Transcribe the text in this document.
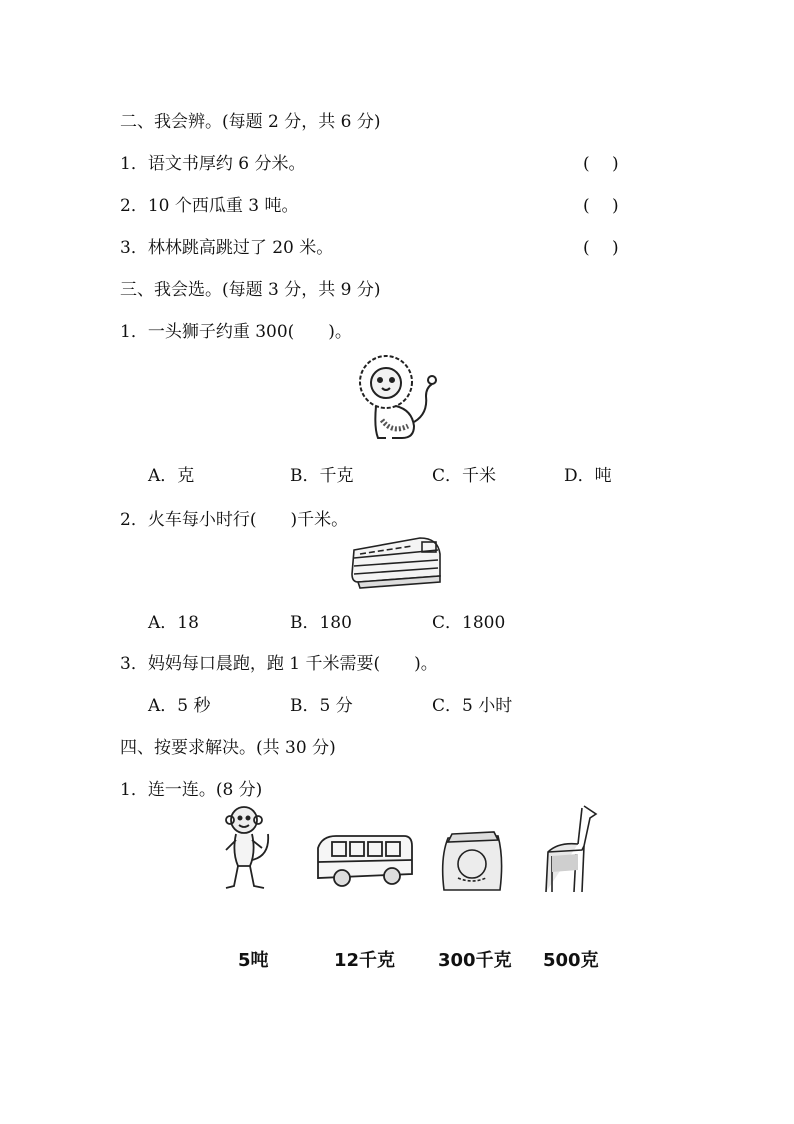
二、我会辨。(每题 2 分，共 6 分)
1．语文书厚约 6 分米。	(　 )
2．10 个西瓜重 3 吨。	(　 )
3．林林跳高跳过了 20 米。	(　 )
三、我会选。(每题 3 分，共 9 分)
1．一头狮子约重 300(　　)。
A．克	B．千克	C．千米	D．吨
2．火车每小时行(　　)千米。
A．18	B．180	C．1800
3．妈妈每口晨跑，跑 1 千米需要(　　)。
A．5 秒	B．5 分	C．5 小时
四、按要求解决。(共 30 分)
1．连一连。(8 分)
5吨	12千克 300千克 500克
